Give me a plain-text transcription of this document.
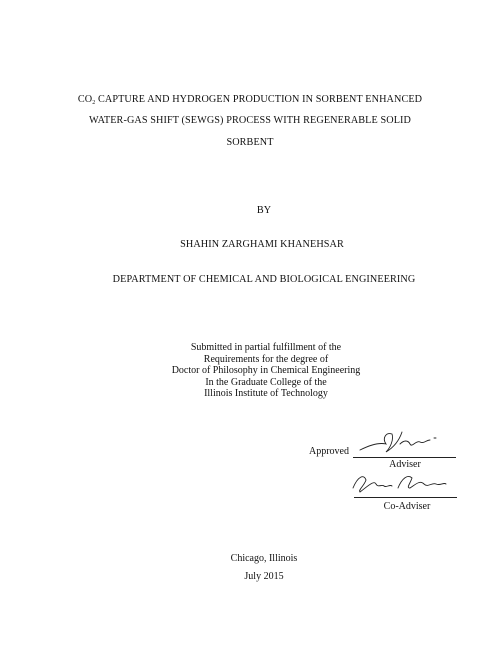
$CO_2$ CAPTURE AND HYDROGEN PRODUCTION IN SORBENT ENHANCED
WATER-GAS SHIFT (SEWGS) PROCESS WITH REGENERABLE SOLID
SORBENT
BY
SHAHIN ZARGHAMI KHANEHSAR
DEPARTMENT OF CHEMICAL AND BIOLOGICAL ENGINEERING
Submitted in partial fulfillment of the
Requirements for the degree of
Doctor of Philosophy in Chemical Engineering
In the Graduate College of the
Illinois Institute of Technology
Approved
Adviser
Co-Adviser
Chicago, Illinois
July 2015
